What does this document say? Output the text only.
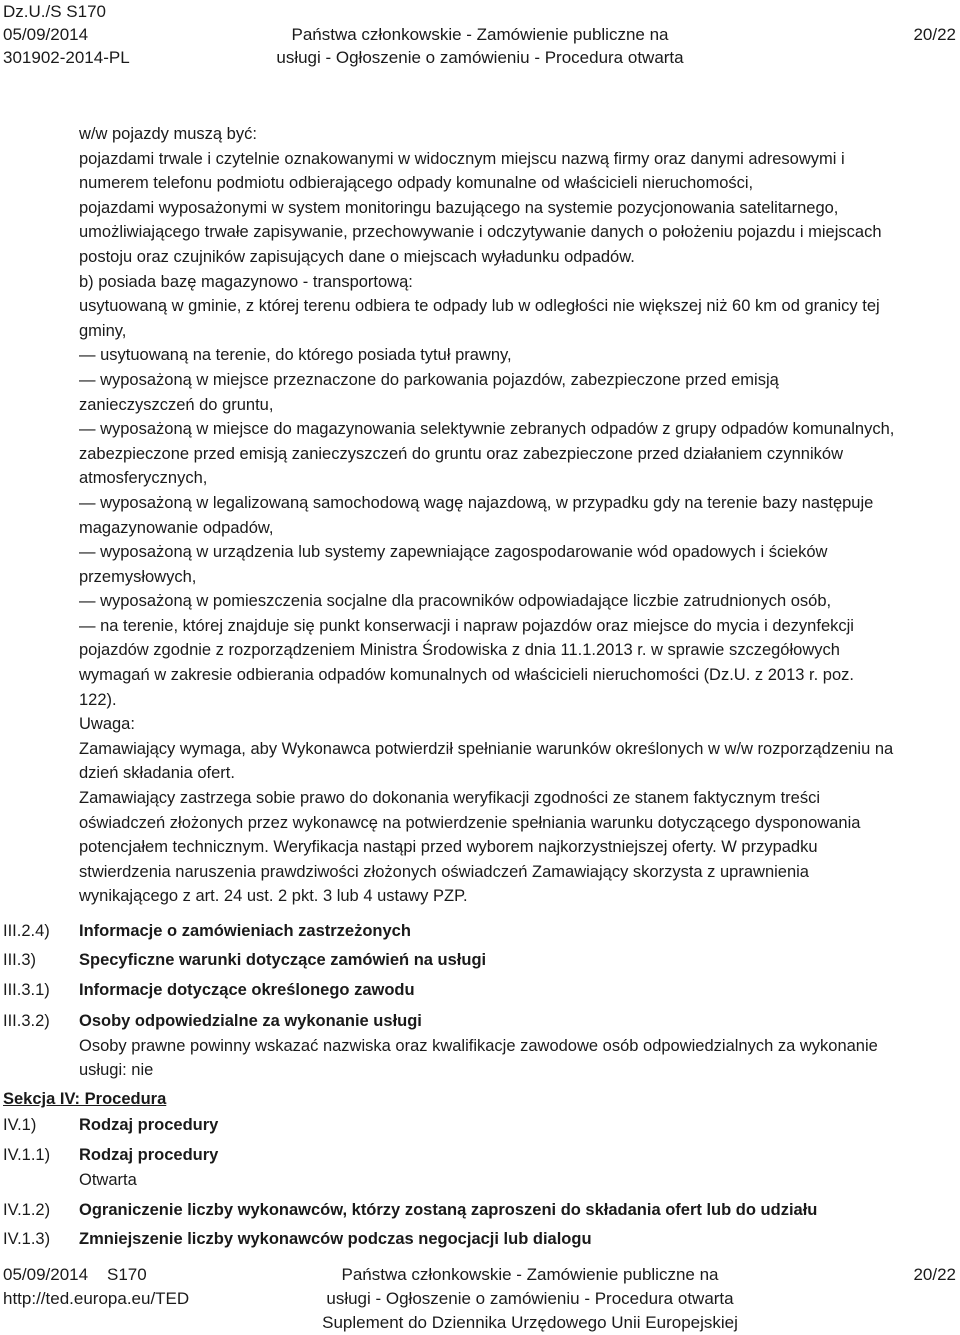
Dz.U./S S170
05/09/2014
301902-2014-PL
Państwa członkowskie - Zamówienie publiczne na
usługi - Ogłoszenie o zamówieniu - Procedura otwarta
20/22

w/w pojazdy muszą być:

pojazdami trwale i czytelnie oznakowanymi w widocznym miejscu nazwą firmy oraz danymi adresowymi i

numerem telefonu podmiotu odbierającego odpady komunalne od właścicieli nieruchomości,

pojazdami wyposażonymi w system monitoringu bazującego na systemie pozycjonowania satelitarnego,

umożliwiającego trwałe zapisywanie, przechowywanie i odczytywanie danych o położeniu pojazdu i miejscach

postoju oraz czujników zapisujących dane o miejscach wyładunku odpadów.

b) posiada bazę magazynowo - transportową:

usytuowaną w gminie, z której terenu odbiera te odpady lub w odległości nie większej niż 60 km od granicy tej

gminy,

— usytuowaną na terenie, do którego posiada tytuł prawny,

— wyposażoną w miejsce przeznaczone do parkowania pojazdów, zabezpieczone przed emisją

zanieczyszczeń do gruntu,

— wyposażoną w miejsce do magazynowania selektywnie zebranych odpadów z grupy odpadów komunalnych,

zabezpieczone przed emisją zanieczyszczeń do gruntu oraz zabezpieczone przed działaniem czynników

atmosferycznych,

— wyposażoną w legalizowaną samochodową wagę najazdową, w przypadku gdy na terenie bazy następuje

magazynowanie odpadów,

— wyposażoną w urządzenia lub systemy zapewniające zagospodarowanie wód opadowych i ścieków

przemysłowych,

— wyposażoną w pomieszczenia socjalne dla pracowników odpowiadające liczbie zatrudnionych osób,

— na terenie, której znajduje się punkt konserwacji i napraw pojazdów oraz miejsce do mycia i dezynfekcji

pojazdów zgodnie z rozporządzeniem Ministra Środowiska z dnia 11.1.2013 r. w sprawie szczegółowych

wymagań w zakresie odbierania odpadów komunalnych od właścicieli nieruchomości (Dz.U. z 2013 r. poz.

122).

Uwaga:

Zamawiający wymaga, aby Wykonawca potwierdził spełnianie warunków określonych w w/w rozporządzeniu na

dzień składania ofert.

Zamawiający zastrzega sobie prawo do dokonania weryfikacji zgodności ze stanem faktycznym treści

oświadczeń złożonych przez wykonawcę na potwierdzenie spełniania warunku dotyczącego dysponowania

potencjałem technicznym. Weryfikacja nastąpi przed wyborem najkorzystniejszej oferty. W przypadku

stwierdzenia naruszenia prawdziwości złożonych oświadczeń Zamawiający skorzysta z uprawnienia

wynikającego z art. 24 ust. 2 pkt. 3 lub 4 ustawy PZP.

III.2.4) Informacje o zamówieniach zastrzeżonych
III.3)	Specyficzne warunki dotyczące zamówień na usługi
III.3.1) Informacje dotyczące określonego zawodu
III.3.2) Osoby odpowiedzialne za wykonanie usługi
Osoby prawne powinny wskazać nazwiska oraz kwalifikacje zawodowe osób odpowiedzialnych za wykonanie
usługi: nie
Sekcja IV: Procedura
IV.1)	Rodzaj procedury
IV.1.1) Rodzaj procedury
Otwarta
IV.1.2) Ograniczenie liczby wykonawców, którzy zostaną zaproszeni do składania ofert lub do udziału
IV.1.3) Zmniejszenie liczby wykonawców podczas negocjacji lub dialogu
05/09/2014    S170
http://ted.europa.eu/TED
Państwa członkowskie - Zamówienie publiczne na
usługi - Ogłoszenie o zamówieniu - Procedura otwarta
Suplement do Dziennika Urzędowego Unii Europejskiej
20/22
